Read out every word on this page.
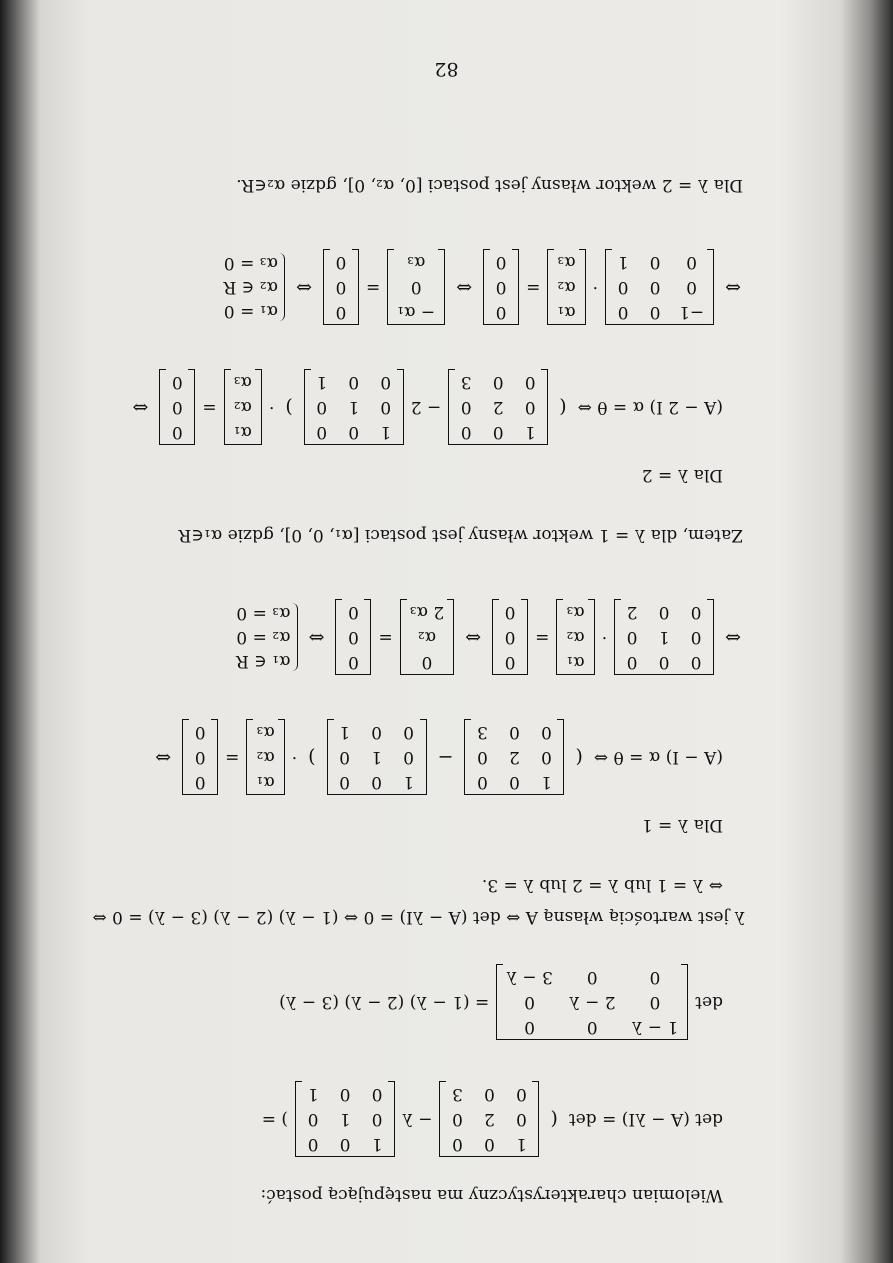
Wielomian charakterystyczny ma następującą postać:
det (A − λI) = det
(
1
0
0
0
2
0
0
0
3
− λ
1
0
0
0
1
0
0
0
1
) =
det
1 − λ
0
0
0
2 − λ
0
0
0
3 − λ
= (1 − λ) (2 − λ) (3 − λ)
λ jest wartością własną A ⇔ det (A − λI) = 0 ⇔ (1 − λ) (2 − λ) (3 − λ) = 0 ⇔
⇔ λ = 1 lub λ = 2 lub λ = 3.
Dla λ = 1
(A − I) α = θ ⇔
(
1
0
0
0
2
0
0
0
3
−
1
0
0
0
1
0
0
0
1
)
·
α₁
α₂
α₃
=
0
0
0
⇔
⇔
0
0
0
0
1
0
0
0
2
·
α₁
α₂
α₃
=
0
0
0
⇔
0
α₂
2 α₃
=
0
0
0
⇔
α₁ ∈ R
α₂ = 0
α₃ = 0
Zatem, dla λ = 1 wektor własny jest postaci [α₁, 0, 0], gdzie α₁∈R
Dla λ = 2
(A − 2 I) α = θ ⇔
(
1
0
0
0
2
0
0
0
3
− 2
1
0
0
0
1
0
0
0
1
)
·
α₁
α₂
α₃
=
0
0
0
⇔
⇔
−1
0
0
0
0
0
0
0
1
·
α₁
α₂
α₃
=
0
0
0
⇔
− α₁
0
α₃
=
0
0
0
⇔
α₁ = 0
α₂ ∈ R
α₃ = 0
Dla λ = 2 wektor własny jest postaci [0, α₂, 0], gdzie α₂∈R.
82
